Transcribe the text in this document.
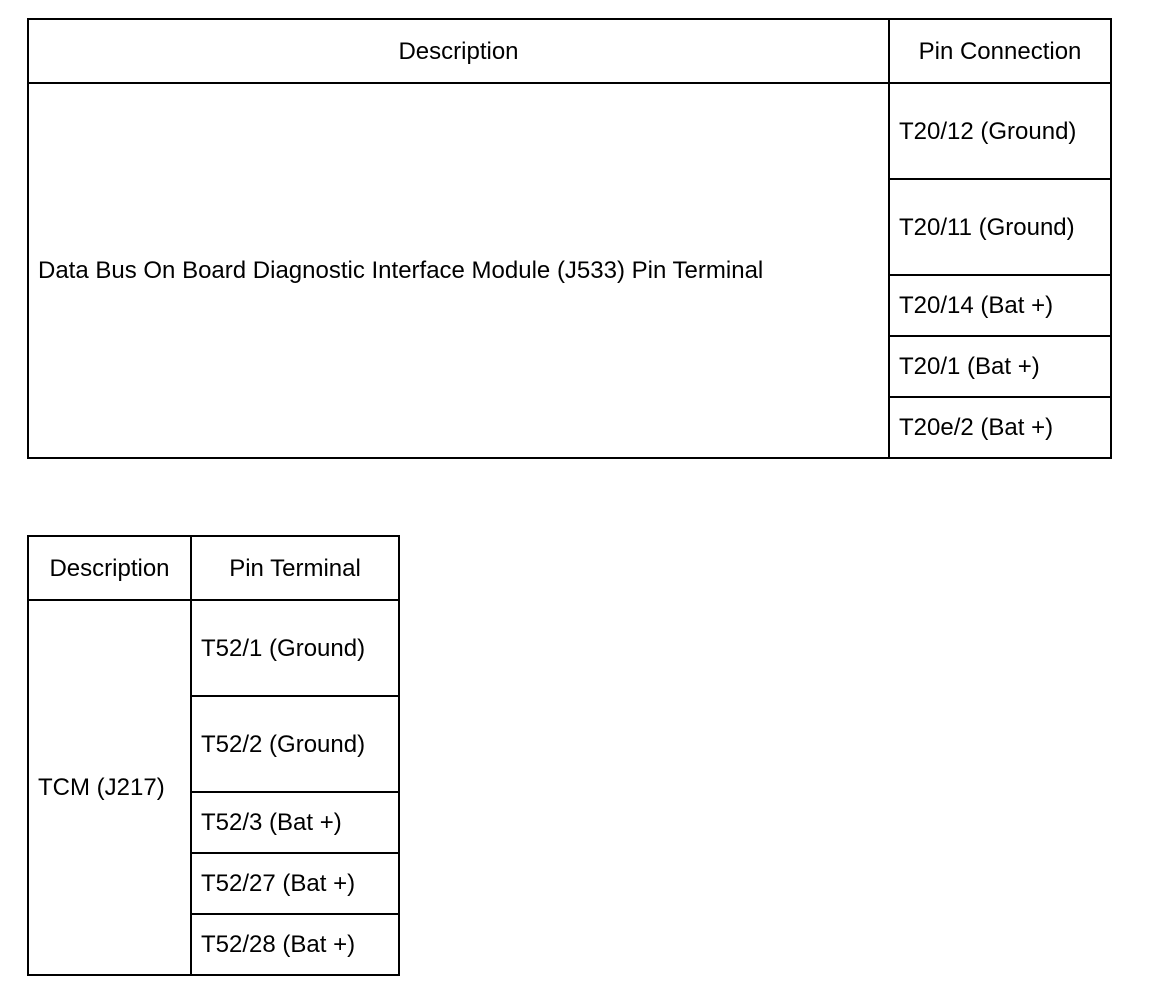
Description	Pin Connection
Data Bus On Board Diagnostic Interface Module (J533) Pin Terminal	T20/12 (Ground)
	T20/11 (Ground)
	T20/14 (Bat +)
	T20/1 (Bat +)
	T20e/2 (Bat +)
Description	Pin Terminal
TCM (J217)	T52/1 (Ground)
	T52/2 (Ground)
	T52/3 (Bat +)
	T52/27 (Bat +)
	T52/28 (Bat +)
